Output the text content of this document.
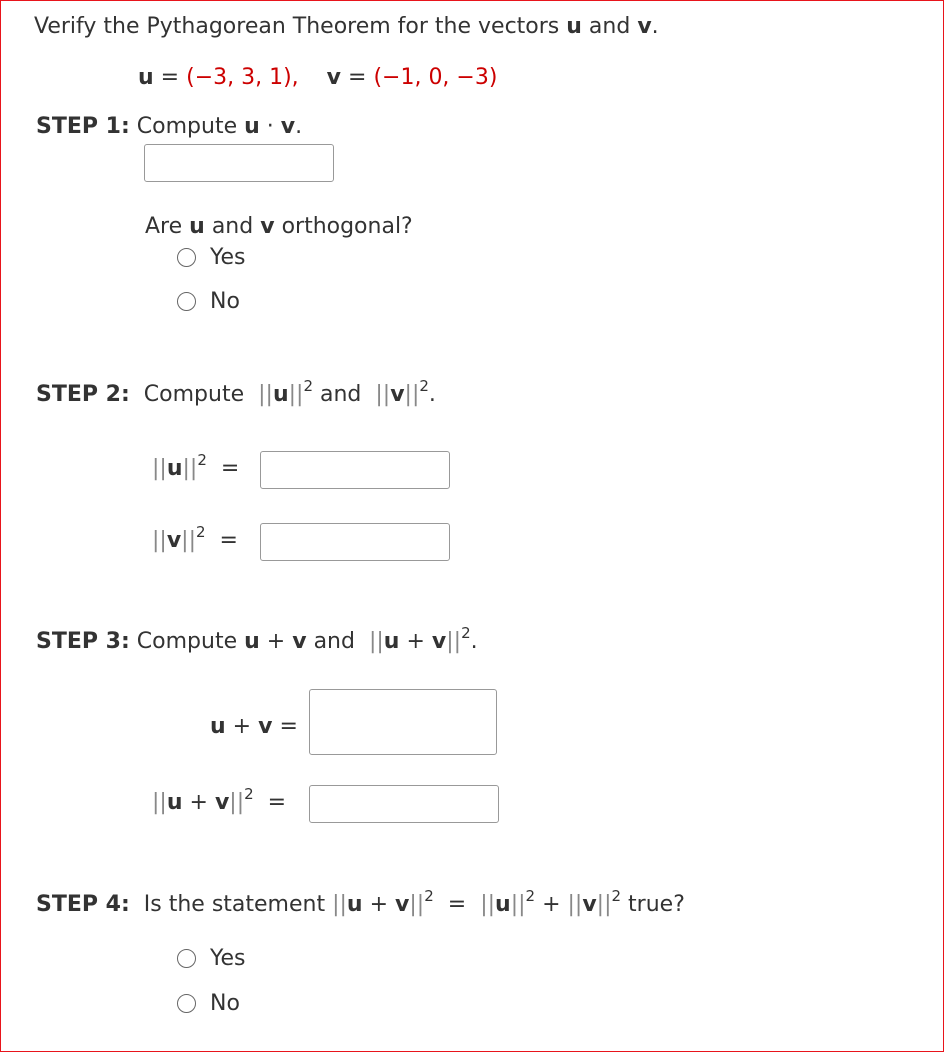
Verify the Pythagorean Theorem for the vectors u and v.
u = (−3, 3, 1), v = (−1, 0, −3)
STEP 1: Compute u · v.
Are u and v orthogonal?
Yes
No
STEP 2: Compute $||u||^2$ and $||v||^2$.
$||u||^2$ =
$||v||^2$ =
STEP 3: Compute u + v and $||u + v||^2$.
u + v =
$||u + v||^2$ =
STEP 4: Is the statement $||u + v||^2 = ||u||^2 + ||v||^2$ true?
Yes
No
